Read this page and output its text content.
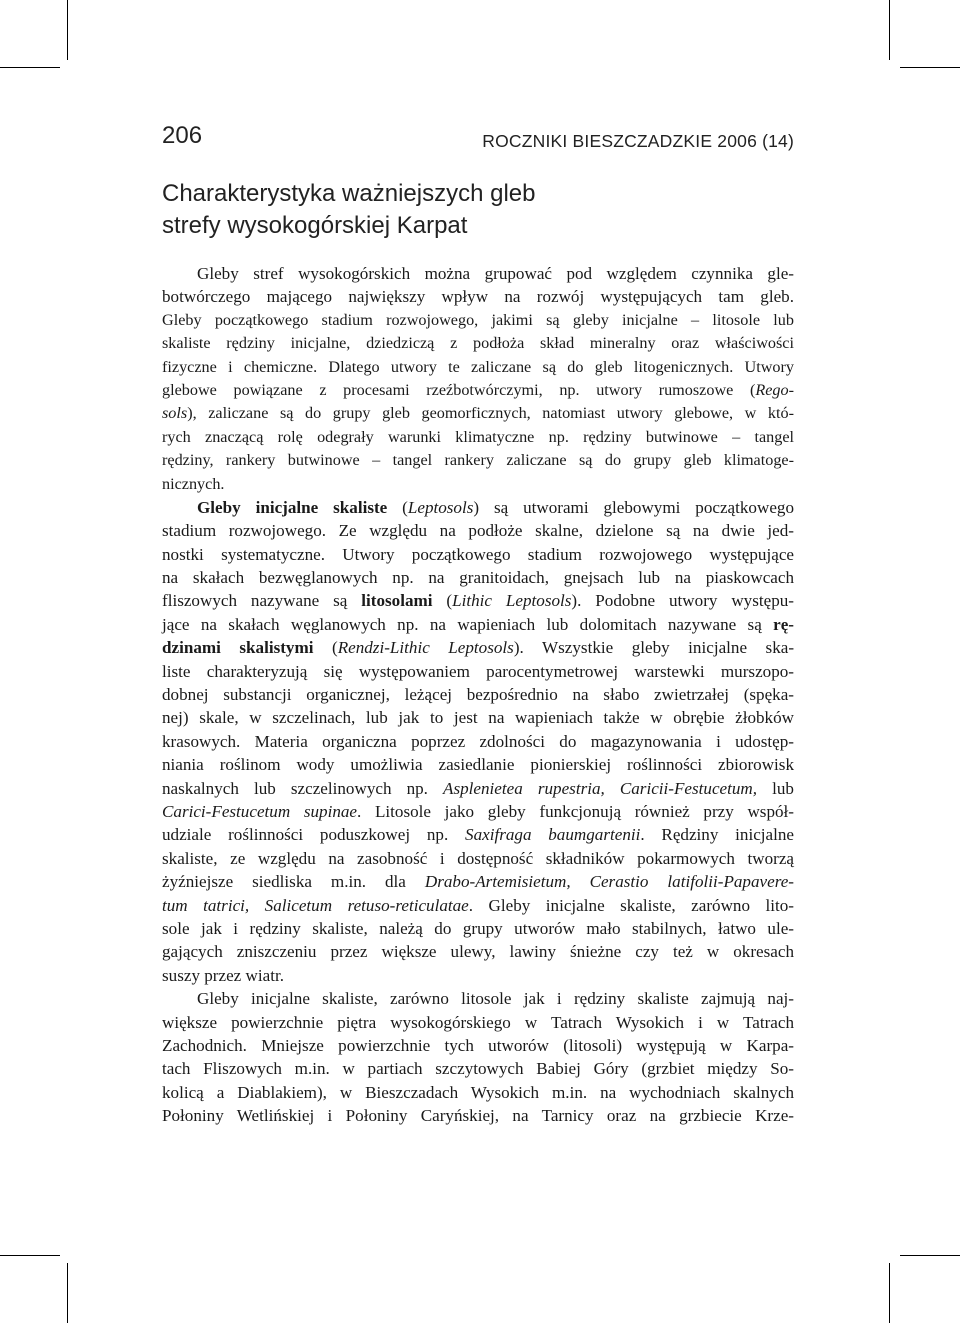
206	ROCZNIKI BIESZCZADZKIE 2006 (14)
Charakterystyka ważniejszych gleb
strefy wysokogórskiej Karpat
Gleby stref wysokogórskich można grupować pod względem czynnika gle-
botwórczego mającego największy wpływ na rozwój występujących tam gleb.
Gleby początkowego stadium rozwojowego, jakimi są gleby inicjalne – litosole lub
skaliste rędziny inicjalne, dziedziczą z podłoża skład mineralny oraz właściwości
fizyczne i chemiczne. Dlatego utwory te zaliczane są do gleb litogenicznych. Utwory
glebowe powiązane z procesami rzeźbotwórczymi, np. utwory rumoszowe (Rego-
sols), zaliczane są do grupy gleb geomorficznych, natomiast utwory glebowe, w któ-
rych znaczącą rolę odegrały warunki klimatyczne np. rędziny butwinowe – tangel
rędziny, rankery butwinowe – tangel rankery zaliczane są do grupy gleb klimatoge-
nicznych.
Gleby inicjalne skaliste (Leptosols) są utworami glebowymi początkowego
stadium rozwojowego. Ze względu na podłoże skalne, dzielone są na dwie jed-
nostki systematyczne. Utwory początkowego stadium rozwojowego występujące
na skałach bezwęglanowych np. na granitoidach, gnejsach lub na piaskowcach
fliszowych nazywane są litosolami (Lithic Leptosols). Podobne utwory występu-
jące na skałach węglanowych np. na wapieniach lub dolomitach nazywane są rę-
dzinami skalistymi (Rendzi-Lithic Leptosols). Wszystkie gleby inicjalne ska-
liste charakteryzują się występowaniem parocentymetrowej warstewki murszopo-
dobnej substancji organicznej, leżącej bezpośrednio na słabo zwietrzałej (spęka-
nej) skale, w szczelinach, lub jak to jest na wapieniach także w obrębie żłobków
krasowych. Materia organiczna poprzez zdolności do magazynowania i udostęp-
niania roślinom wody umożliwia zasiedlanie pionierskiej roślinności zbiorowisk
naskalnych lub szczelinowych np. Asplenietea rupestria, Caricii-Festucetum, lub
Carici-Festucetum supinae. Litosole jako gleby funkcjonują również przy współ-
udziale roślinności poduszkowej np. Saxifraga baumgartenii. Rędziny inicjalne
skaliste, ze względu na zasobność i dostępność składników pokarmowych tworzą
żyźniejsze siedliska m.in. dla Drabo-Artemisietum, Cerastio latifolii-Papavere-
tum tatrici, Salicetum retuso-reticulatae. Gleby inicjalne skaliste, zarówno lito-
sole jak i rędziny skaliste, należą do grupy utworów mało stabilnych, łatwo ule-
gających zniszczeniu przez większe ulewy, lawiny śnieżne czy też w okresach
suszy przez wiatr.
Gleby inicjalne skaliste, zarówno litosole jak i rędziny skaliste zajmują naj-
większe powierzchnie piętra wysokogórskiego w Tatrach Wysokich i w Tatrach
Zachodnich. Mniejsze powierzchnie tych utworów (litosoli) występują w Karpa-
tach Fliszowych m.in. w partiach szczytowych Babiej Góry (grzbiet między So-
kolicą a Diablakiem), w Bieszczadach Wysokich m.in. na wychodniach skalnych
Połoniny Wetlińskiej i Połoniny Caryńskiej, na Tarnicy oraz na grzbiecie Krze-
